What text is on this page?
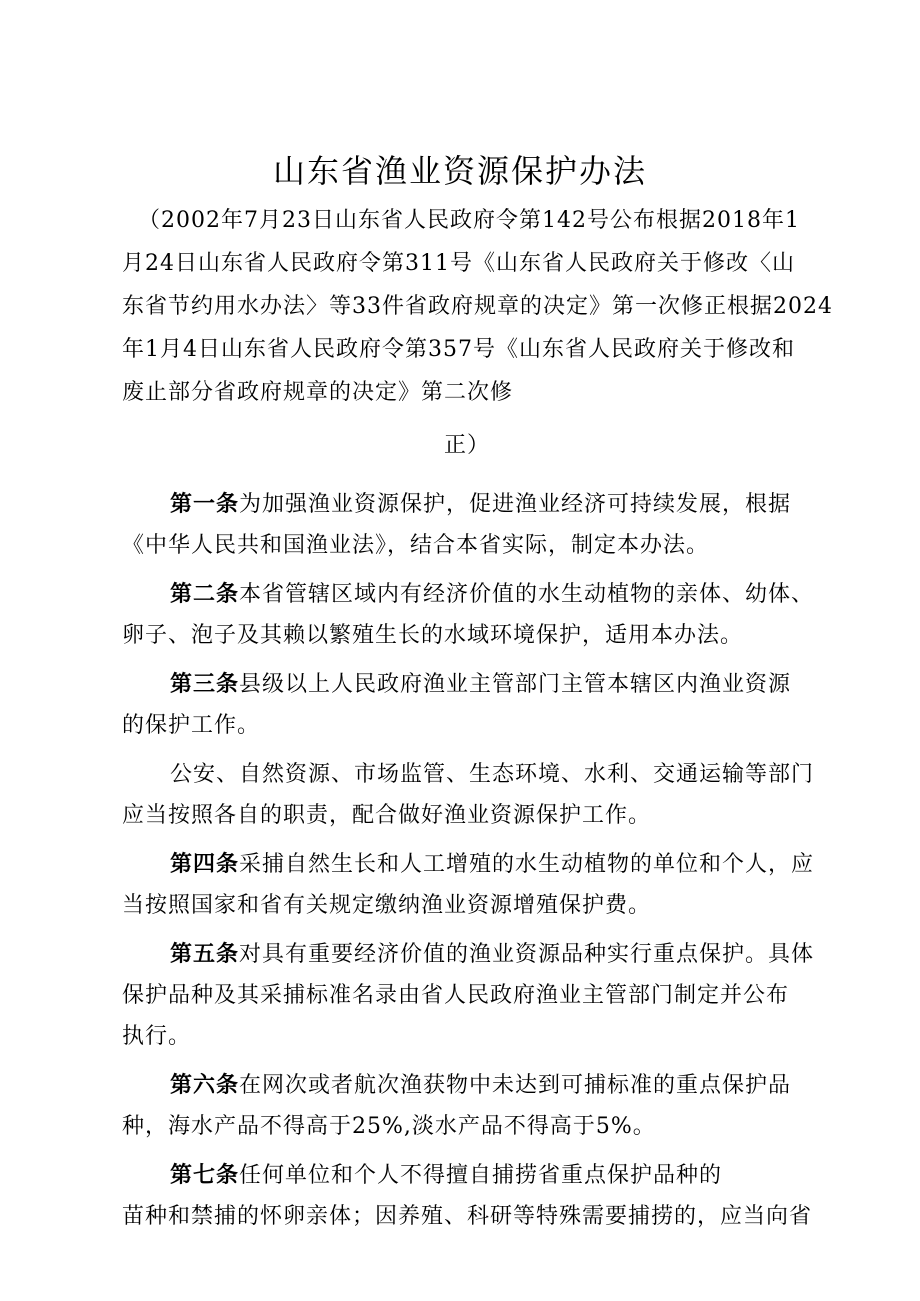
山东省渔业资源保护办法
（2002年7月23日山东省人民政府令第142号公布根据2018年1
月24日山东省人民政府令第311号《山东省人民政府关于修改〈山
东省节约用水办法〉等33件省政府规章的决定》第一次修正根据2024
年1月4日山东省人民政府令第357号《山东省人民政府关于修改和
废止部分省政府规章的决定》第二次修
正）

第一条为加强渔业资源保护，促进渔业经济可持续发展，根据
《中华人民共和国渔业法》，结合本省实际，制定本办法。

第二条本省管辖区域内有经济价值的水生动植物的亲体、幼体、
卵子、泡子及其赖以繁殖生长的水域环境保护，适用本办法。

第三条县级以上人民政府渔业主管部门主管本辖区内渔业资源
的保护工作。

公安、自然资源、市场监管、生态环境、水利、交通运输等部门
应当按照各自的职责，配合做好渔业资源保护工作。

第四条采捕自然生长和人工增殖的水生动植物的单位和个人，应
当按照国家和省有关规定缴纳渔业资源增殖保护费。

第五条对具有重要经济价值的渔业资源品种实行重点保护。具体
保护品种及其采捕标准名录由省人民政府渔业主管部门制定并公布
执行。

第六条在网次或者航次渔获物中未达到可捕标准的重点保护品
种，海水产品不得高于25%,淡水产品不得高于5%。

第七条任何单位和个人不得擅自捕捞省重点保护品种的
苗种和禁捕的怀卵亲体；因养殖、科研等特殊需要捕捞的，应当向省
